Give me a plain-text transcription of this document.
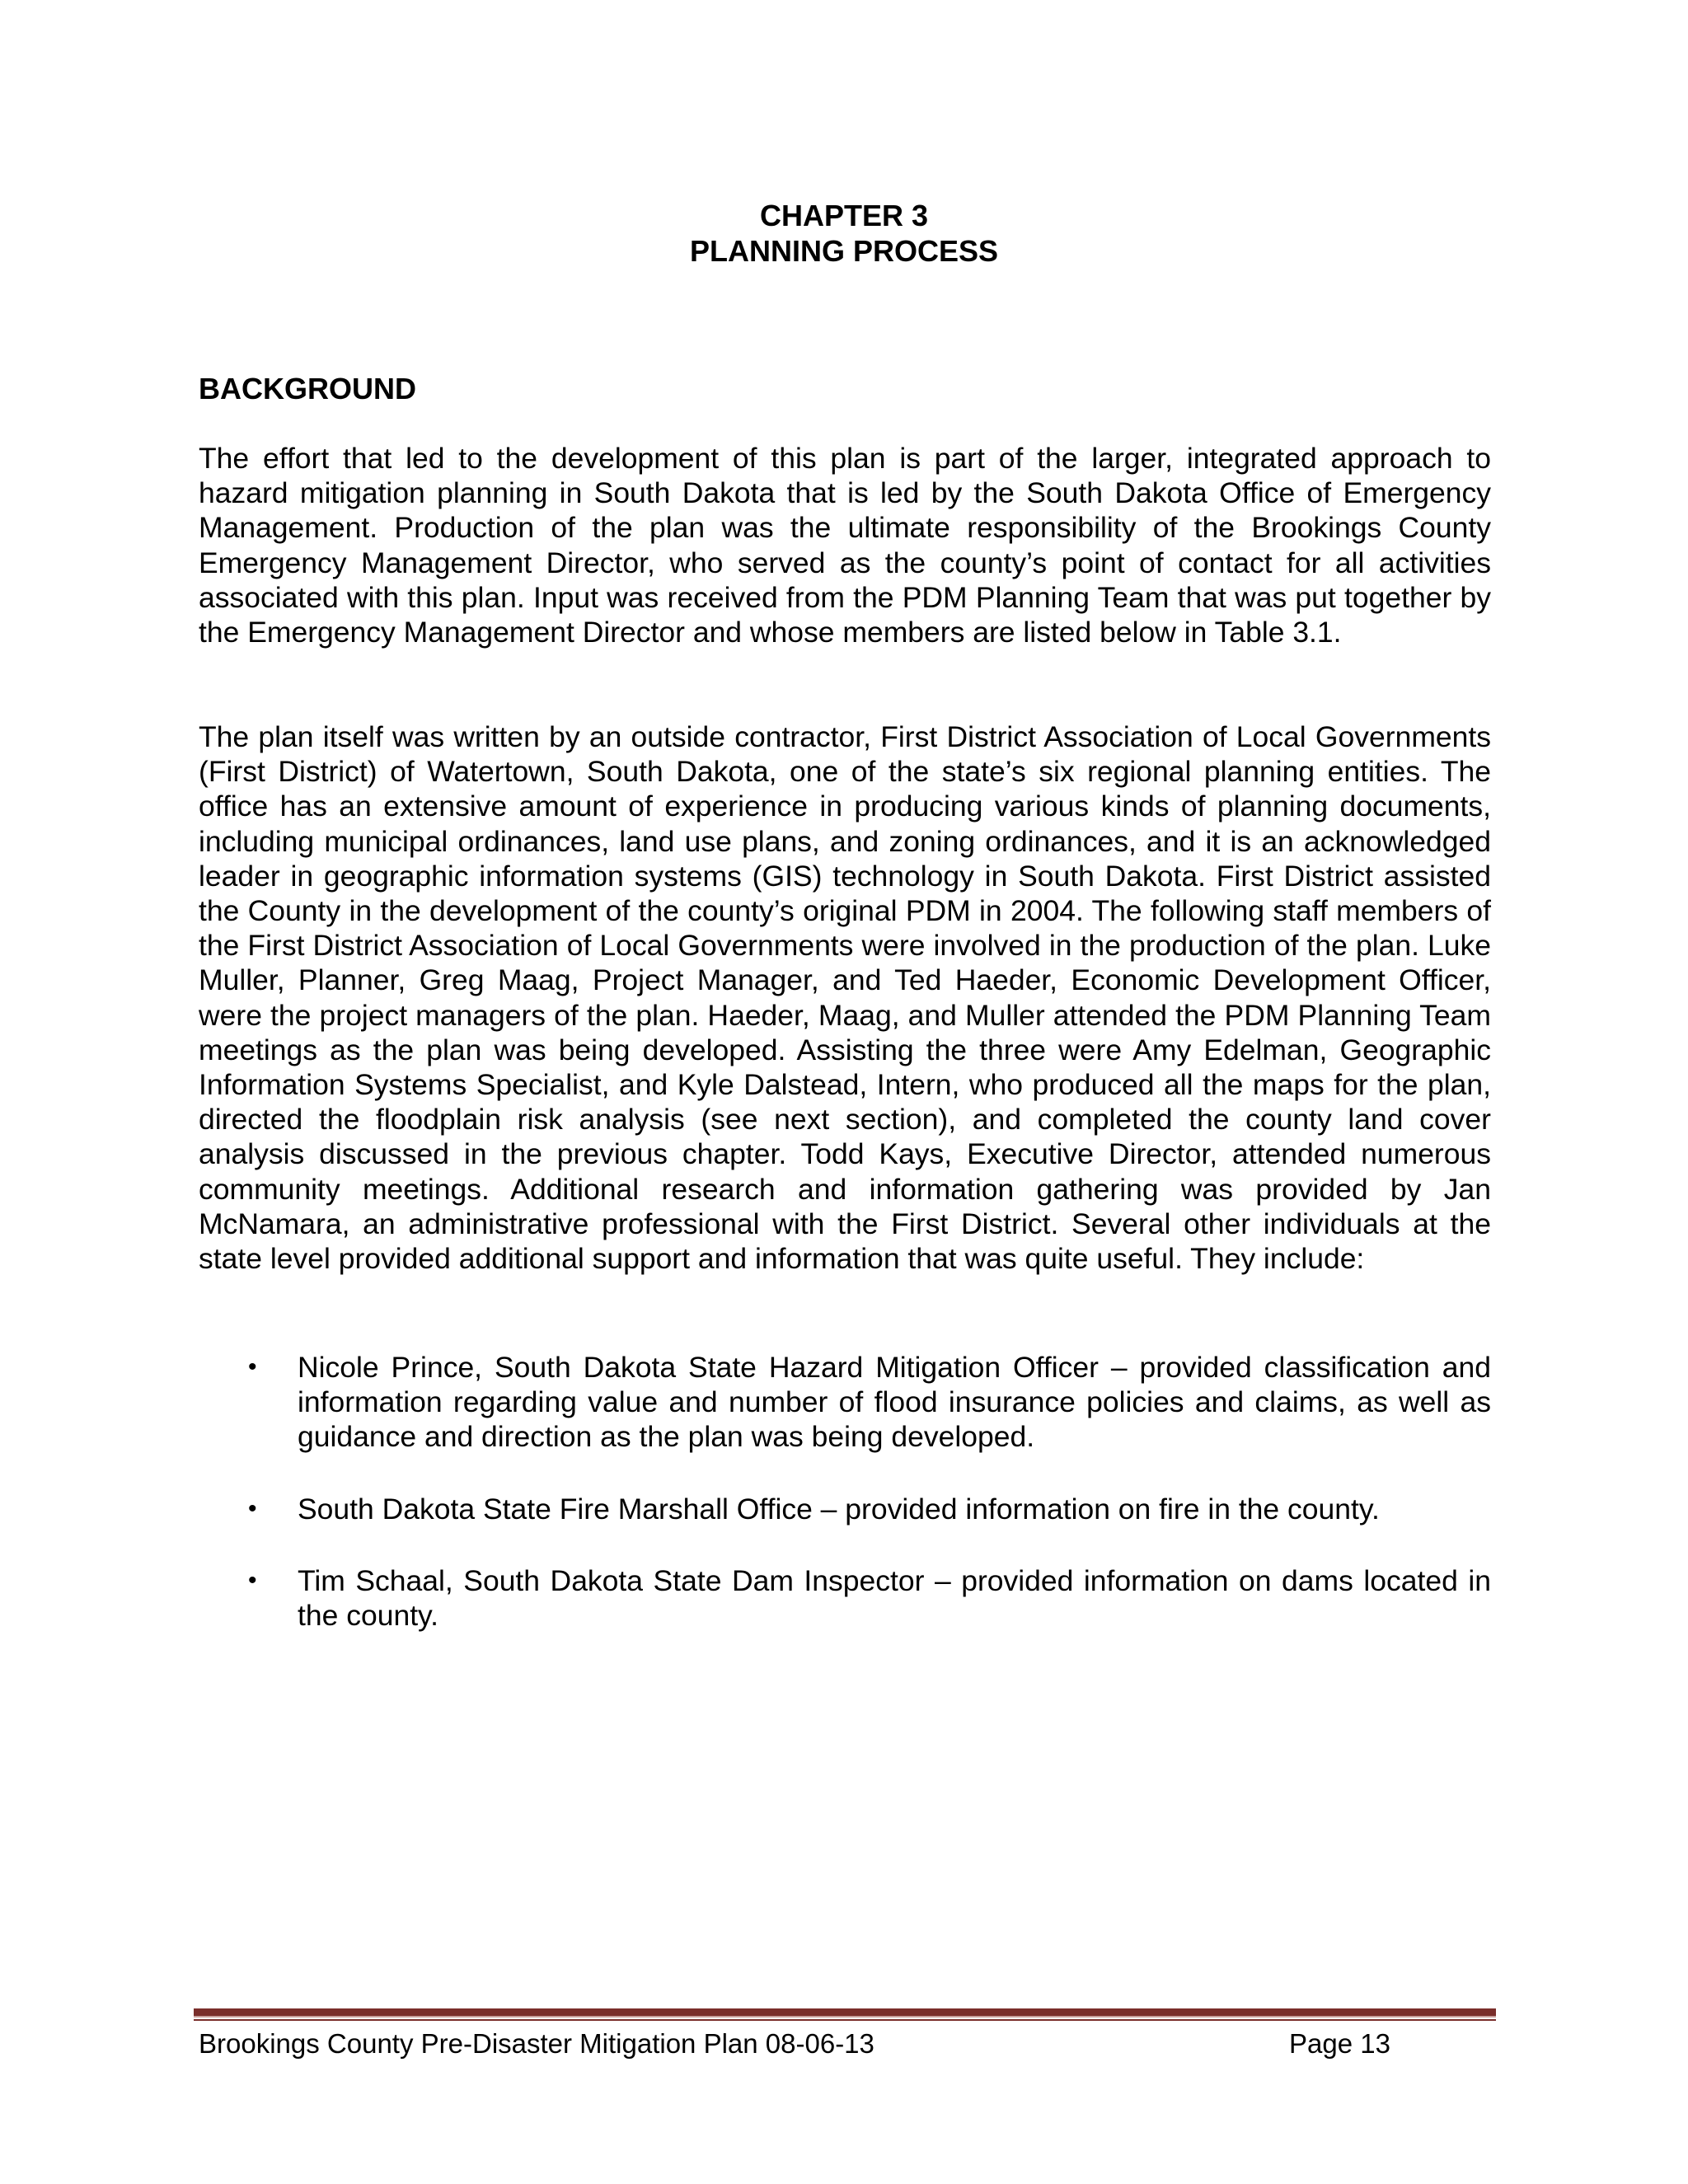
CHAPTER 3
PLANNING PROCESS
BACKGROUND

The effort that led to the development of this plan is part of the larger, integrated approach to hazard mitigation planning in South Dakota that is led by the South Dakota Office of Emergency Management. Production of the plan was the ultimate responsibility of the Brookings County Emergency Management Director, who served as the county’s point of contact for all activities associated with this plan. Input was received from the PDM Planning Team that was put together by the Emergency Management Director and whose members are listed below in Table 3.1.

The plan itself was written by an outside contractor, First District Association of Local Governments (First District) of Watertown, South Dakota, one of the state’s six regional planning entities. The office has an extensive amount of experience in producing various kinds of planning documents, including municipal ordinances, land use plans, and zoning ordinances, and it is an acknowledged leader in geographic information systems (GIS) technology in South Dakota. First District assisted the County in the development of the county’s original PDM in 2004. The following staff members of the First District Association of Local Governments were involved in the production of the plan. Luke Muller, Planner, Greg Maag, Project Manager, and Ted Haeder, Economic Development Officer, were the project managers of the plan. Haeder, Maag, and Muller attended the PDM Planning Team meetings as the plan was being developed. Assisting the three were Amy Edelman, Geographic Information Systems Specialist, and Kyle Dalstead, Intern, who produced all the maps for the plan, directed the floodplain risk analysis (see next section), and completed the county land cover analysis discussed in the previous chapter. Todd Kays, Executive Director, attended numerous community meetings. Additional research and information gathering was provided by Jan McNamara, an administrative professional with the First District. Several other individuals at the state level provided additional support and information that was quite useful. They include:

• Nicole Prince, South Dakota State Hazard Mitigation Officer – provided classification and information regarding value and number of flood insurance policies and claims, as well as guidance and direction as the plan was being developed.
• South Dakota State Fire Marshall Office – provided information on fire in the county.
• Tim Schaal, South Dakota State Dam Inspector – provided information on dams located in the county.
Brookings County Pre-Disaster Mitigation Plan 08-06-13	Page 13
